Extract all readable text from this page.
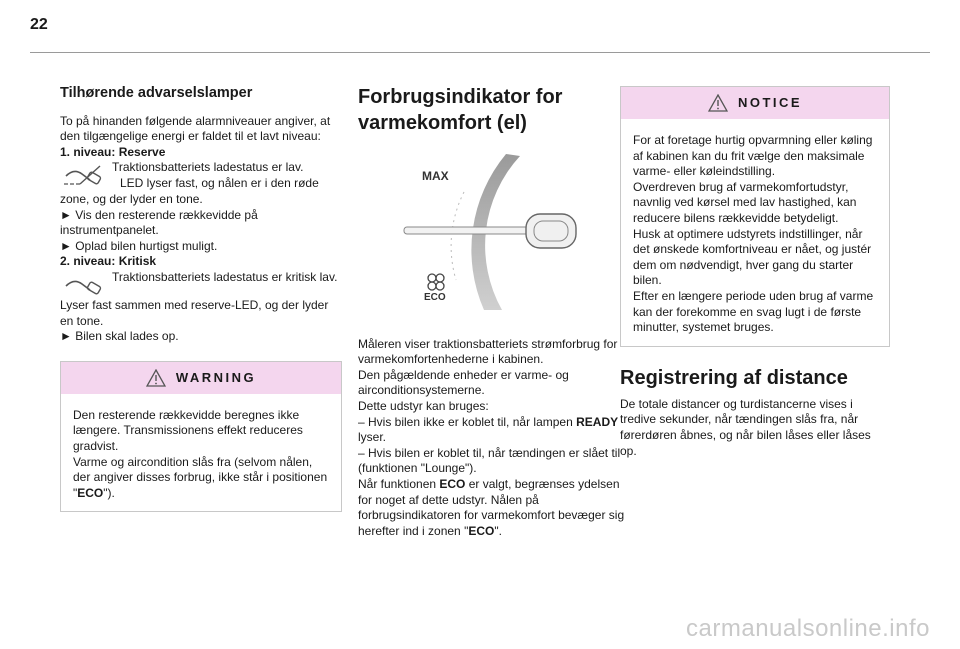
22
Tilhørende advarselslamper

To på hinanden følgende alarmniveauer angiver, at den tilgængelige energi er faldet til et lavt niveau:

1. niveau: Reserve

Traktionsbatteriets ladestatus er lav.

LED lyser fast, og nålen er i den røde zone, og der lyder en tone.

► Vis den resterende rækkevidde på instrumentpanelet.

► Oplad bilen hurtigst muligt.

2. niveau: Kritisk

Traktionsbatteriets ladestatus er kritisk lav.

Lyser fast sammen med reserve-LED, og der lyder en tone.

► Bilen skal lades op.

WARNING

Den resterende rækkevidde beregnes ikke længere. Transmissionens effekt reduceres gradvist.

Varme og aircondition slås fra (selvom nålen, der angiver disses forbrug, ikke står i positionen "ECO").

Forbrugsindikator for varmekomfort (el)
MAX
ECO

Måleren viser traktionsbatteriets strømforbrug for varmekomfortenhederne i kabinen.

Den pågældende enheder er varme- og airconditionsystemerne.

Dette udstyr kan bruges:

– Hvis bilen ikke er koblet til, når lampen READY lyser.

– Hvis bilen er koblet til, når tændingen er slået til (funktionen "Lounge").

Når funktionen ECO er valgt, begrænses ydelsen for noget af dette udstyr. Nålen på forbrugsindikatoren for varmekomfort bevæger sig herefter ind i zonen "ECO".

NOTICE

For at foretage hurtig opvarmning eller køling af kabinen kan du frit vælge den maksimale varme- eller køleindstilling.

Overdreven brug af varmekomfortudstyr, navnlig ved kørsel med lav hastighed, kan reducere bilens rækkevidde betydeligt.

Husk at optimere udstyrets indstillinger, når det ønskede komfortniveau er nået, og justér dem om nødvendigt, hver gang du starter bilen.

Efter en længere periode uden brug af varme kan der forekomme en svag lugt i de første minutter, systemet bruges.

Registrering af distance

De totale distancer og turdistancerne vises i tredive sekunder, når tændingen slås fra, når førerdøren åbnes, og når bilen låses eller låses op.

carmanualsonline.info
